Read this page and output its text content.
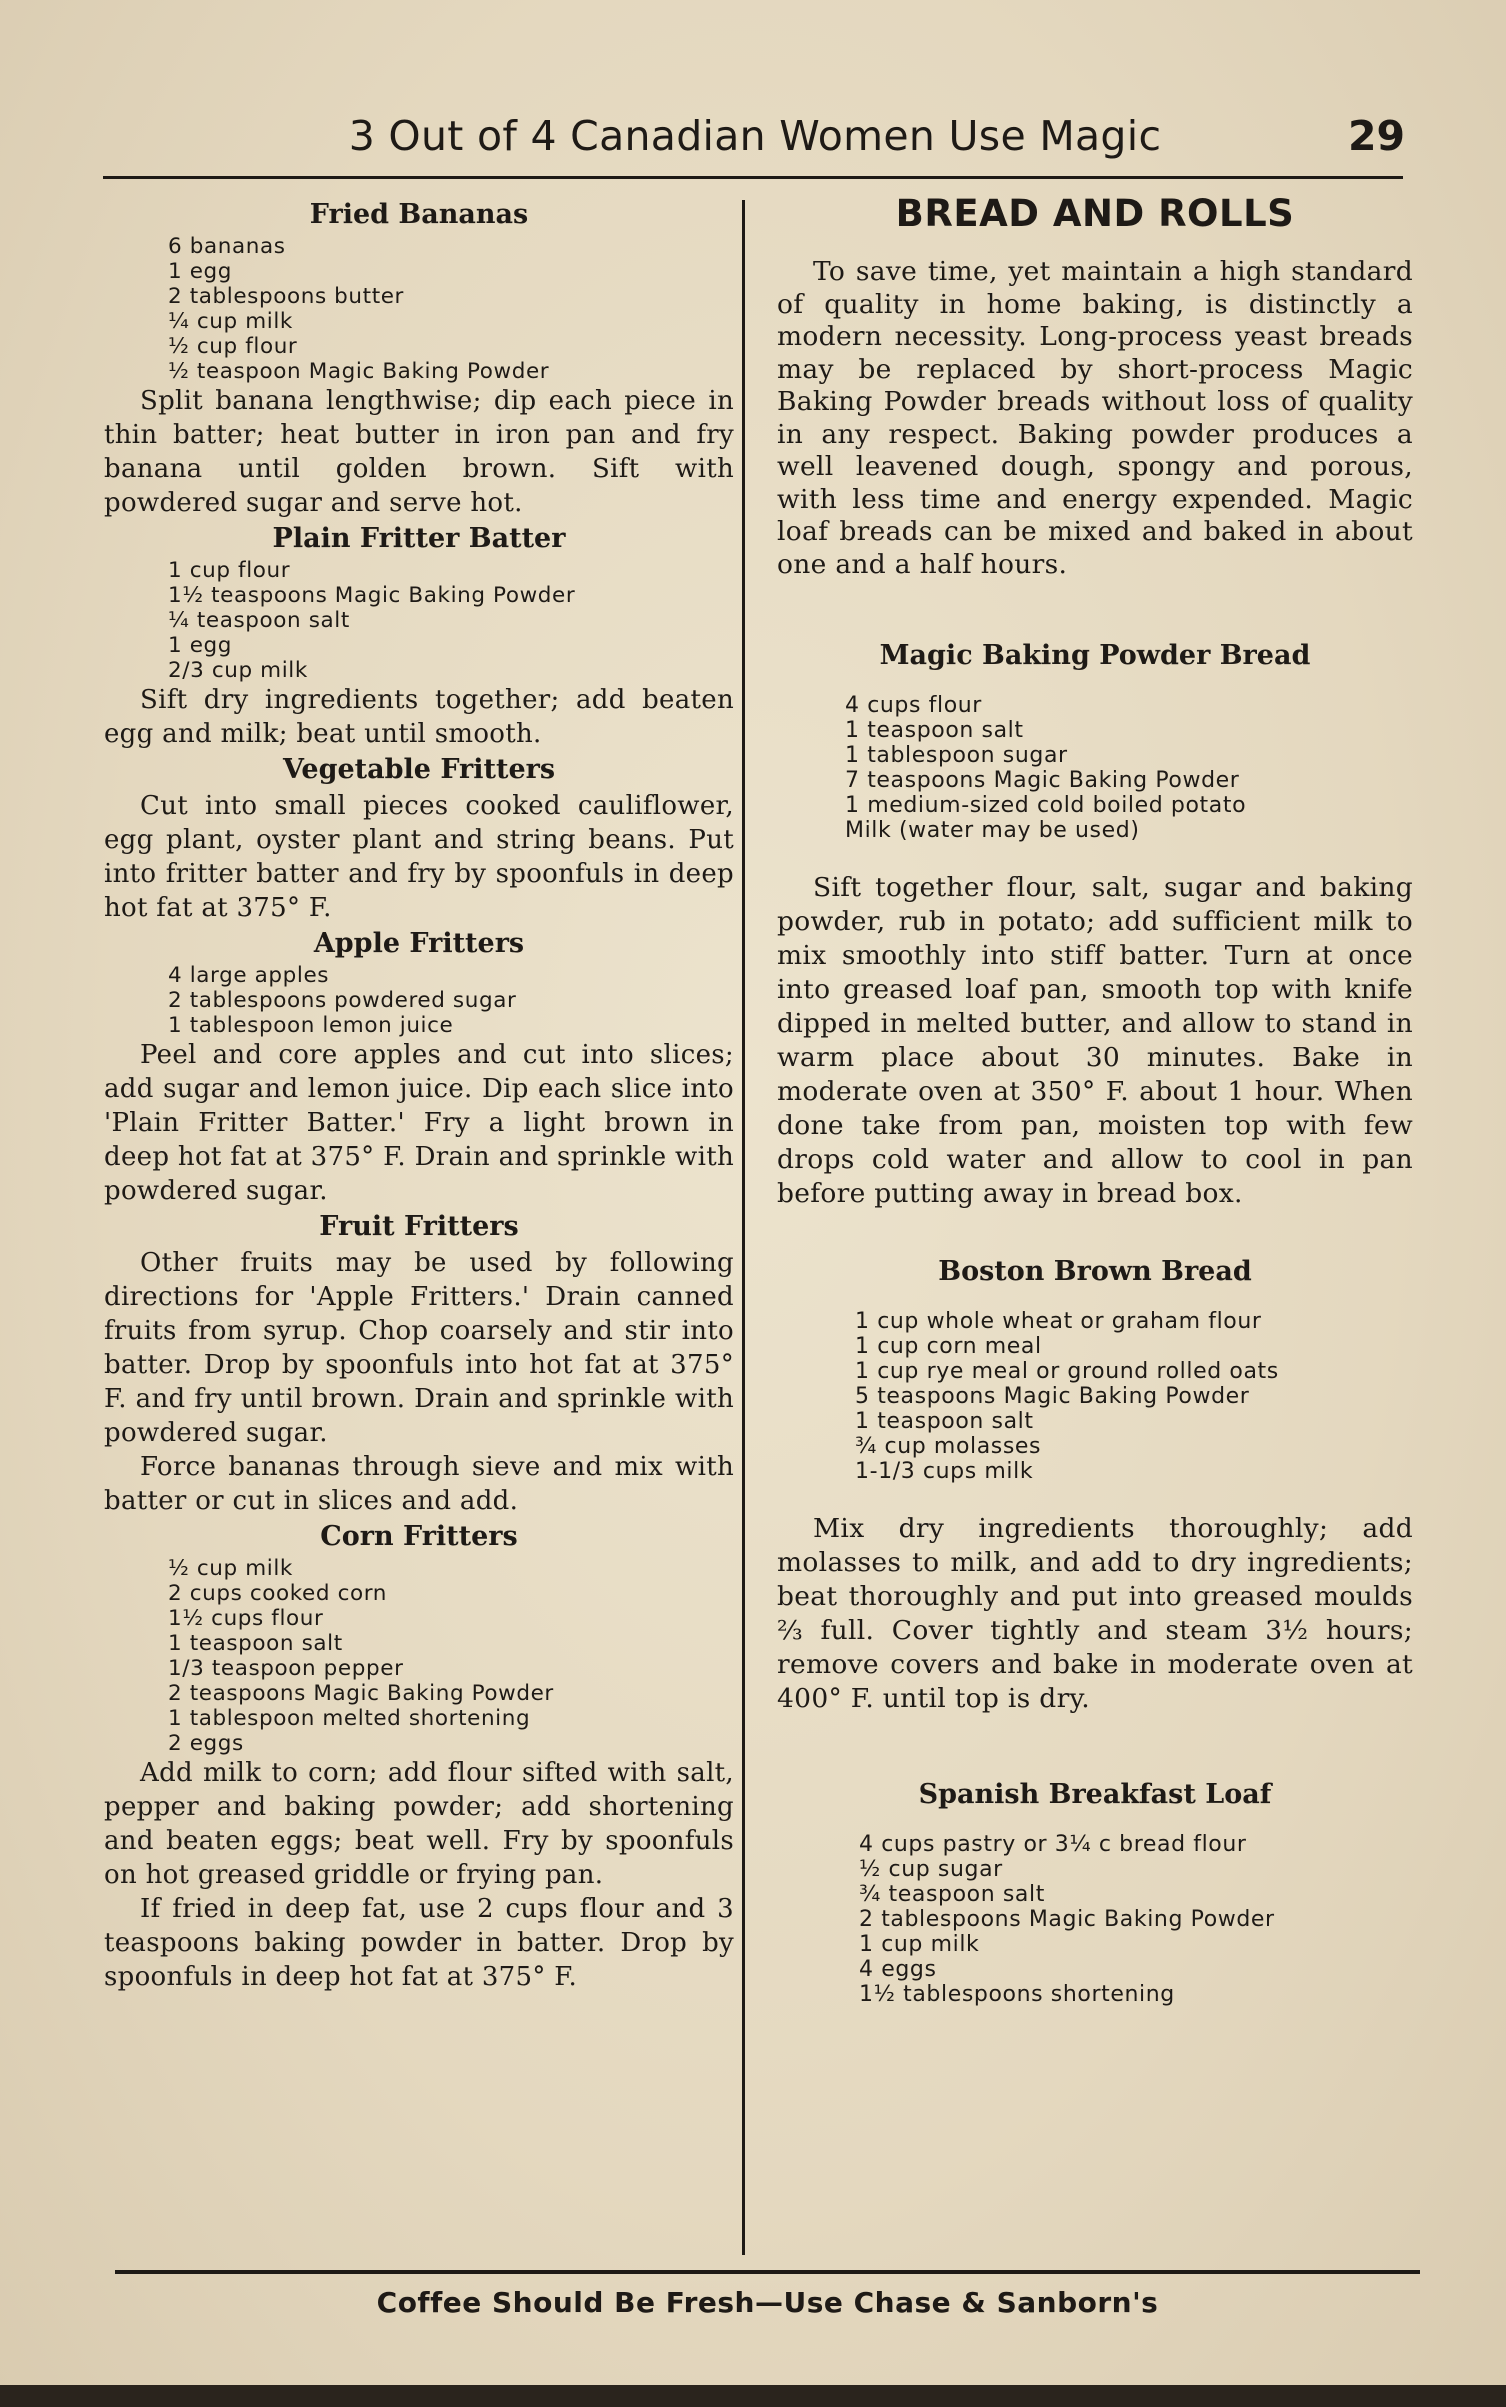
3 Out of 4 Canadian Women Use Magic	29
Fried Bananas
6 bananas
1 egg
2 tablespoons butter
¼ cup milk
½ cup flour
½ teaspoon Magic Baking Powder

Split banana lengthwise; dip each piece in thin batter; heat butter in iron pan and fry banana until golden brown. Sift with powdered sugar and serve hot.

Plain Fritter Batter
1 cup flour
1½ teaspoons Magic Baking Powder
¼ teaspoon salt
1 egg
2/3 cup milk

Sift dry ingredients together; add beaten egg and milk; beat until smooth.

Vegetable Fritters

Cut into small pieces cooked cauliflower, egg plant, oyster plant and string beans. Put into fritter batter and fry by spoonfuls in deep hot fat at 375° F.

Apple Fritters
4 large apples
2 tablespoons powdered sugar
1 tablespoon lemon juice

Peel and core apples and cut into slices; add sugar and lemon juice. Dip each slice into 'Plain Fritter Batter.' Fry a light brown in deep hot fat at 375° F. Drain and sprinkle with powdered sugar.

Fruit Fritters

Other fruits may be used by following directions for 'Apple Fritters.' Drain canned fruits from syrup. Chop coarsely and stir into batter. Drop by spoonfuls into hot fat at 375° F. and fry until brown. Drain and sprinkle with powdered sugar.

Force bananas through sieve and mix with batter or cut in slices and add.

Corn Fritters
½ cup milk
2 cups cooked corn
1½ cups flour
1 teaspoon salt
1/3 teaspoon pepper
2 teaspoons Magic Baking Powder
1 tablespoon melted shortening
2 eggs

Add milk to corn; add flour sifted with salt, pepper and baking powder; add shortening and beaten eggs; beat well. Fry by spoonfuls on hot greased griddle or frying pan.

If fried in deep fat, use 2 cups flour and 3 teaspoons baking powder in batter. Drop by spoonfuls in deep hot fat at 375° F.

BREAD AND ROLLS

To save time, yet maintain a high standard of quality in home baking, is distinctly a modern necessity. Long-process yeast breads may be replaced by short-process Magic Baking Powder breads without loss of quality in any respect. Baking powder produces a well leavened dough, spongy and porous, with less time and energy expended. Magic loaf breads can be mixed and baked in about one and a half hours.

Magic Baking Powder Bread
4 cups flour
1 teaspoon salt
1 tablespoon sugar
7 teaspoons Magic Baking Powder
1 medium-sized cold boiled potato
Milk (water may be used)

Sift together flour, salt, sugar and baking powder, rub in potato; add sufficient milk to mix smoothly into stiff batter. Turn at once into greased loaf pan, smooth top with knife dipped in melted butter, and allow to stand in warm place about 30 minutes. Bake in moderate oven at 350° F. about 1 hour. When done take from pan, moisten top with few drops cold water and allow to cool in pan before putting away in bread box.

Boston Brown Bread
1 cup whole wheat or graham flour
1 cup corn meal
1 cup rye meal or ground rolled oats
5 teaspoons Magic Baking Powder
1 teaspoon salt
¾ cup molasses
1-1/3 cups milk

Mix dry ingredients thoroughly; add molasses to milk, and add to dry ingredients; beat thoroughly and put into greased moulds ⅔ full. Cover tightly and steam 3½ hours; remove covers and bake in moderate oven at 400° F. until top is dry.

Spanish Breakfast Loaf
4 cups pastry or 3¼ c bread flour
½ cup sugar
¾ teaspoon salt
2 tablespoons Magic Baking Powder
1 cup milk
4 eggs
1½ tablespoons shortening
Coffee Should Be Fresh—Use Chase & Sanborn's
